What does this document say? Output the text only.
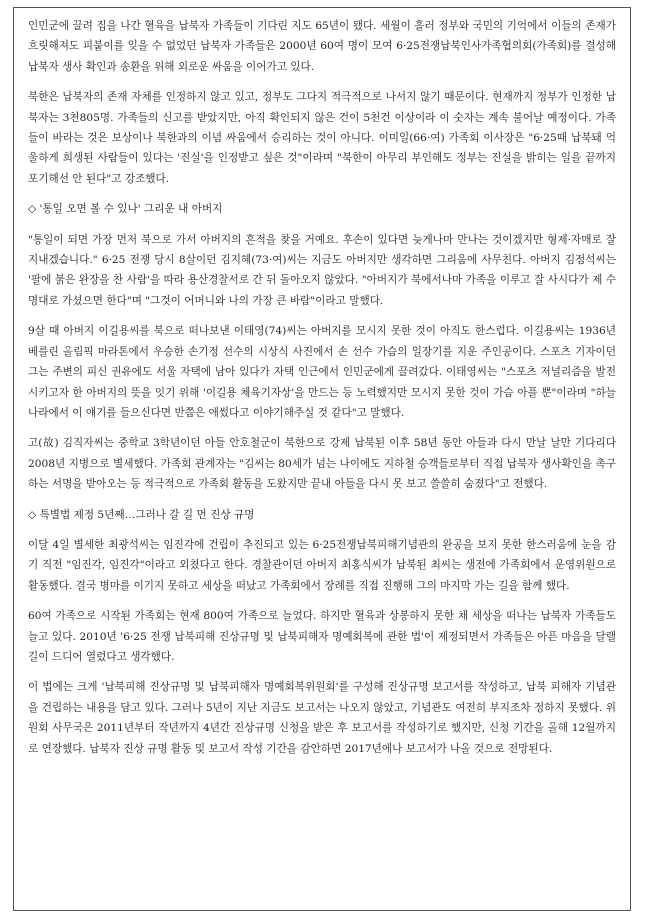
인민군에 끌려 집을 나간 혈육을 납북자 가족들이 기다린 지도 65년이 됐다. 세월이 흘러 정부와 국민의 기억에서 이들의 존재가 흐릿해져도 피붙이를 잊을 수 없었던 납북자 가족들은 2000년 60여 명이 모여 6·25전쟁납북인사가족협의회(가족회)를 결성해 납북자 생사 확인과 송환을 위해 외로운 싸움을 이어가고 있다.

북한은 납북자의 존재 자체를 인정하지 않고 있고, 정부도 그다지 적극적으로 나서지 않기 때문이다. 현재까지 정부가 인정한 납북자는 3천805명. 가족들의 신고를 받았지만, 아직 확인되지 않은 건이 5천건 이상이라 이 숫자는 계속 불어날 예정이다. 가족들이 바라는 것은 보상이나 북한과의 이념 싸움에서 승리하는 것이 아니다. 이미일(66·여) 가족회 이사장은 "6·25때 납북돼 억울하게 희생된 사람들이 있다는 '진실'을 인정받고 싶은 것"이라며 "북한이 아무리 부인해도 정부는 진실을 밝히는 일을 끝까지 포기해선 안 된다"고 강조했다.

◇ '통일 오면 볼 수 있나' 그리운 내 아버지

"통일이 되면 가장 먼저 북으로 가서 아버지의 흔적을 찾을 거예요. 후손이 있다면 늦게나마 만나는 것이겠지만 형제·자매로 잘 지내겠습니다." 6·25 전쟁 당시 8살이던 김지혜(73·여)씨는 지금도 아버지만 생각하면 그리움에 사무친다. 아버지 김점석씨는 '팔에 붉은 완장을 찬 사람'을 따라 용산경찰서로 간 뒤 돌아오지 않았다. "아버지가 북에서나마 가족을 이루고 잘 사시다가 제 수명대로 가셨으면 한다"며 "그것이 어머니와 나의 가장 큰 바람"이라고 말했다.

9살 때 아버지 이길용씨를 북으로 떠나보낸 이태영(74)씨는 아버지를 모시지 못한 것이 아직도 한스럽다. 이길용씨는 1936년 베를린 올림픽 마라톤에서 우승한 손기정 선수의 시상식 사진에서 손 선수 가슴의 일장기를 지운 주인공이다. 스포츠 기자이던 그는 주변의 피신 권유에도 서울 자택에 남아 있다가 자택 인근에서 인민군에게 끌려갔다. 이태영씨는 "스포츠 저널리즘을 발전시키고자 한 아버지의 뜻을 잇기 위해 '이길용 체육기자상'을 만드는 등 노력했지만 모시지 못한 것이 가슴 아플 뿐"이라며 "하늘나라에서 이 얘기를 들으신다면 반쯤은 애썼다고 이야기해주실 것 같다"고 말했다.

고(故) 김직자씨는 중학교 3학년이던 아들 안호철군이 북한으로 강제 납북된 이후 58년 동안 아들과 다시 만날 날만 기다리다 2008년 지병으로 별세했다. 가족회 관계자는 "김씨는 80세가 넘는 나이에도 지하철 승객들로부터 직접 납북자 생사확인을 촉구하는 서명을 받아오는 등 적극적으로 가족회 활동을 도왔지만 끝내 아들을 다시 못 보고 쓸쓸히 숨졌다"고 전했다.

◇ 특별법 제정 5년째…그러나 갈 길 먼 진상 규명

이달 4일 별세한 최광석씨는 임진각에 건립이 추진되고 있는 6·25전쟁납북피해기념관의 완공을 보지 못한 한스러움에 눈을 감기 직전 "임진각, 임진각"이라고 외쳤다고 한다. 경찰관이던 아버지 최홍식씨가 납북된 최씨는 생전에 가족회에서 운영위원으로 활동했다. 결국 병마를 이기지 못하고 세상을 떠났고 가족회에서 장례를 직접 진행해 그의 마지막 가는 길을 함께 했다.

60여 가족으로 시작된 가족회는 현재 800여 가족으로 늘었다. 하지만 혈육과 상봉하지 못한 채 세상을 떠나는 납북자 가족들도 늘고 있다. 2010년 '6·25 전쟁 납북피해 진상규명 및 납북피해자 명예회복에 관한 법'이 제정되면서 가족들은 아픈 마음을 달랠 길이 드디어 열렸다고 생각했다.

이 법에는 크게 '납북피해 진상규명 및 납북피해자 명예회복위원회'를 구성해 진상규명 보고서를 작성하고, 납북 피해자 기념관을 건립하는 내용을 담고 있다. 그러나 5년이 지난 지금도 보고서는 나오지 않았고, 기념관도 여전히 부지조차 정하지 못했다. 위원회 사무국은 2011년부터 작년까지 4년간 진상규명 신청을 받은 후 보고서를 작성하기로 했지만, 신청 기간을 올해 12월까지로 연장했다. 납북자 진상 규명 활동 및 보고서 작성 기간을 감안하면 2017년에나 보고서가 나올 것으로 전망된다.
